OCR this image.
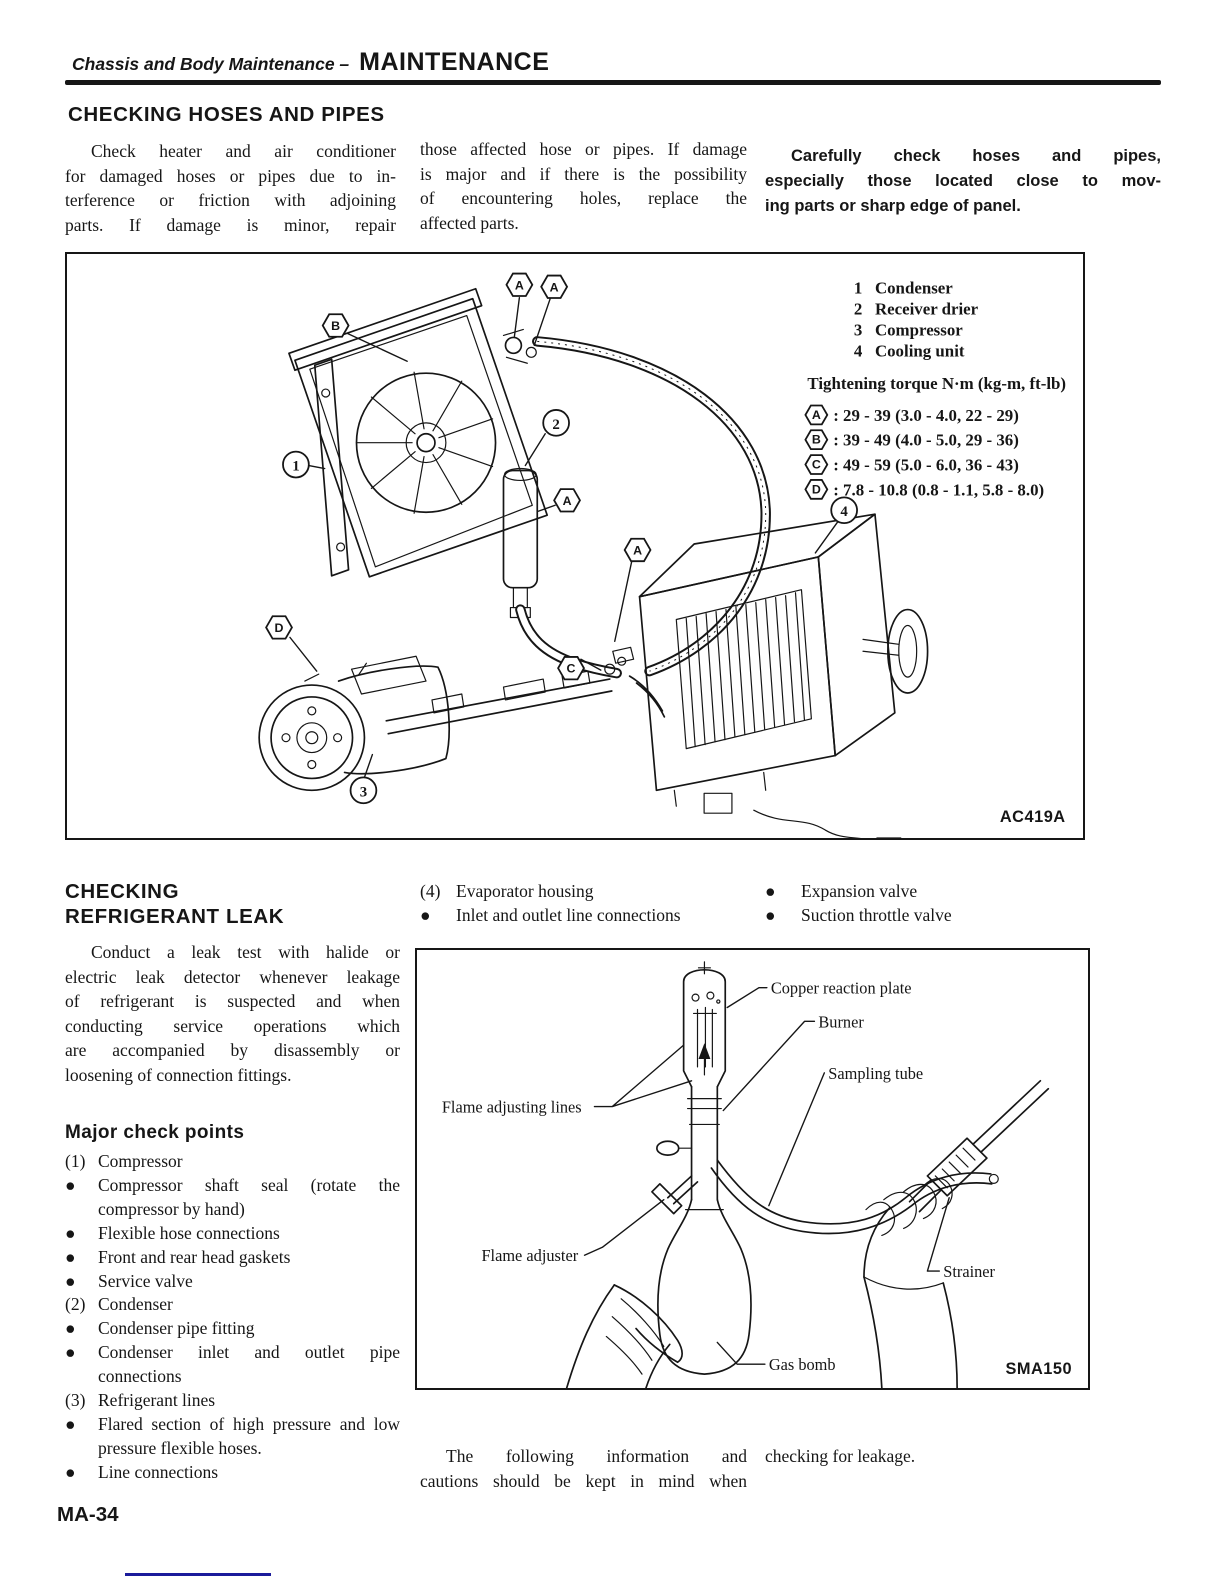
Chassis and Body Maintenance – MAINTENANCE
CHECKING HOSES AND PIPES
Check heater and air conditioner
for damaged hoses or pipes due to in-
terference or friction with adjoining
parts. If damage is minor, repair
those affected hose or pipes. If damage
is major and if there is the possibility
of encountering holes, replace the
affected parts.
Carefully check hoses and pipes,
especially those located close to mov-
ing parts or sharp edge of panel.
1
2
3
4
A A
B
A
A
C
D
1 Condenser
2 Receiver drier
3 Compressor
4 Cooling unit
Tightening torque N·m (kg-m, ft-lb)
A : 29 - 39 (3.0 - 4.0, 22 - 29)
B : 39 - 49 (4.0 - 5.0, 29 - 36)
C : 49 - 59 (5.0 - 6.0, 36 - 43)
D : 7.8 - 10.8 (0.8 - 1.1, 5.8 - 8.0)
AC419A
CHECKING
REFRIGERANT LEAK
(4) Evaporator housing
●	Inlet and outlet line connections
●	Expansion valve
●	Suction throttle valve
Conduct a leak test with halide or
electric leak detector whenever leakage
of refrigerant is suspected and when
conducting service operations which
are accompanied by disassembly or
loosening of connection fittings.
Major check points
(1) Compressor
●	Compressor shaft seal (rotate the compressor by hand)
●	Flexible hose connections
●	Front and rear head gaskets
●	Service valve
(2) Condenser
●	Condenser pipe fitting
●	Condenser inlet and outlet pipe connections
(3) Refrigerant lines
●	Flared section of high pressure and low pressure flexible hoses.
●	Line connections
Copper reaction plate
Burner
Sampling tube
Flame adjusting lines
Flame adjuster
Strainer
Gas bomb	SMA150
The following information and
cautions should be kept in mind when
checking for leakage.
MA-34
